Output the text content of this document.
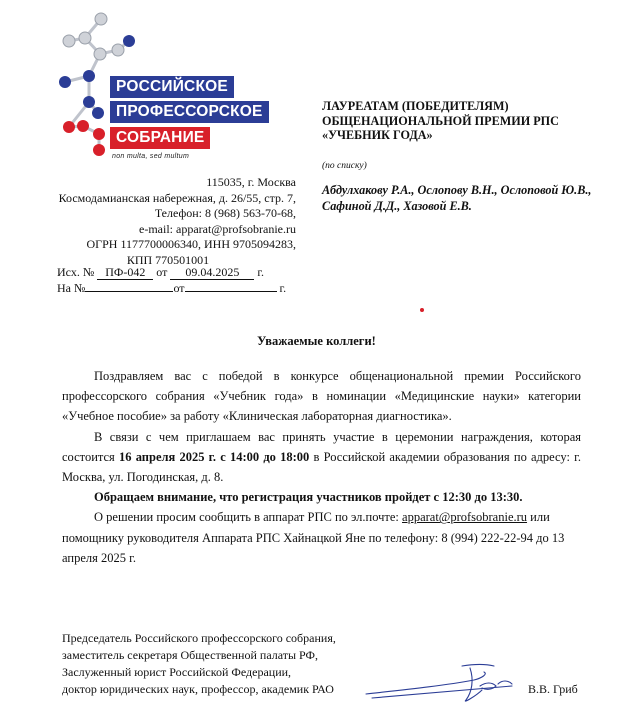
РОССИЙСКОЕ
ПРОФЕССОРСКОЕ
СОБРАНИЕ
non multa, sed multum
115035, г. Москва
Космодамианская набережная, д. 26/55, стр. 7,
Телефон: 8 (968) 563-70-68,
e-mail: apparat@profsobranie.ru
ОГРН 1177700006340, ИНН 9705094283,
КПП 770501001
Исх. № ПФ-042 от 09.04.2025 г.
На №	от	г.
ЛАУРЕАТАМ (ПОБЕДИТЕЛЯМ) ОБЩЕНАЦИОНАЛЬНОЙ ПРЕМИИ РПС «УЧЕБНИК ГОДА»
(по списку)
Абдулхакову Р.А., Ослопову В.Н., Ослоповой Ю.В., Сафиной Д.Д., Хазовой Е.В.
Уважаемые коллеги!

Поздравляем вас с победой в конкурсе общенациональной премии Российского профессорского собрания «Учебник года» в номинации «Медицинские науки» категории «Учебное пособие» за работу «Клиническая лабораторная диагностика».

В связи с чем приглашаем вас принять участие в церемонии награждения, которая состоится 16 апреля 2025 г. с 14:00 до 18:00 в Российской академии образования по адресу: г. Москва, ул. Погодинская, д. 8.

Обращаем внимание, что регистрация участников пройдет с 12:30 до 13:30.

О решении просим сообщить в аппарат РПС по эл.почте: apparat@profsobranie.ru или помощнику руководителя Аппарата РПС Хайнацкой Яне по телефону: 8 (994) 222-22-94 до 13 апреля 2025 г.

Председатель Российского профессорского собрания,
заместитель секретаря Общественной палаты РФ,
Заслуженный юрист Российской Федерации,
доктор юридических наук, профессор, академик РАО	В.В. Гриб
